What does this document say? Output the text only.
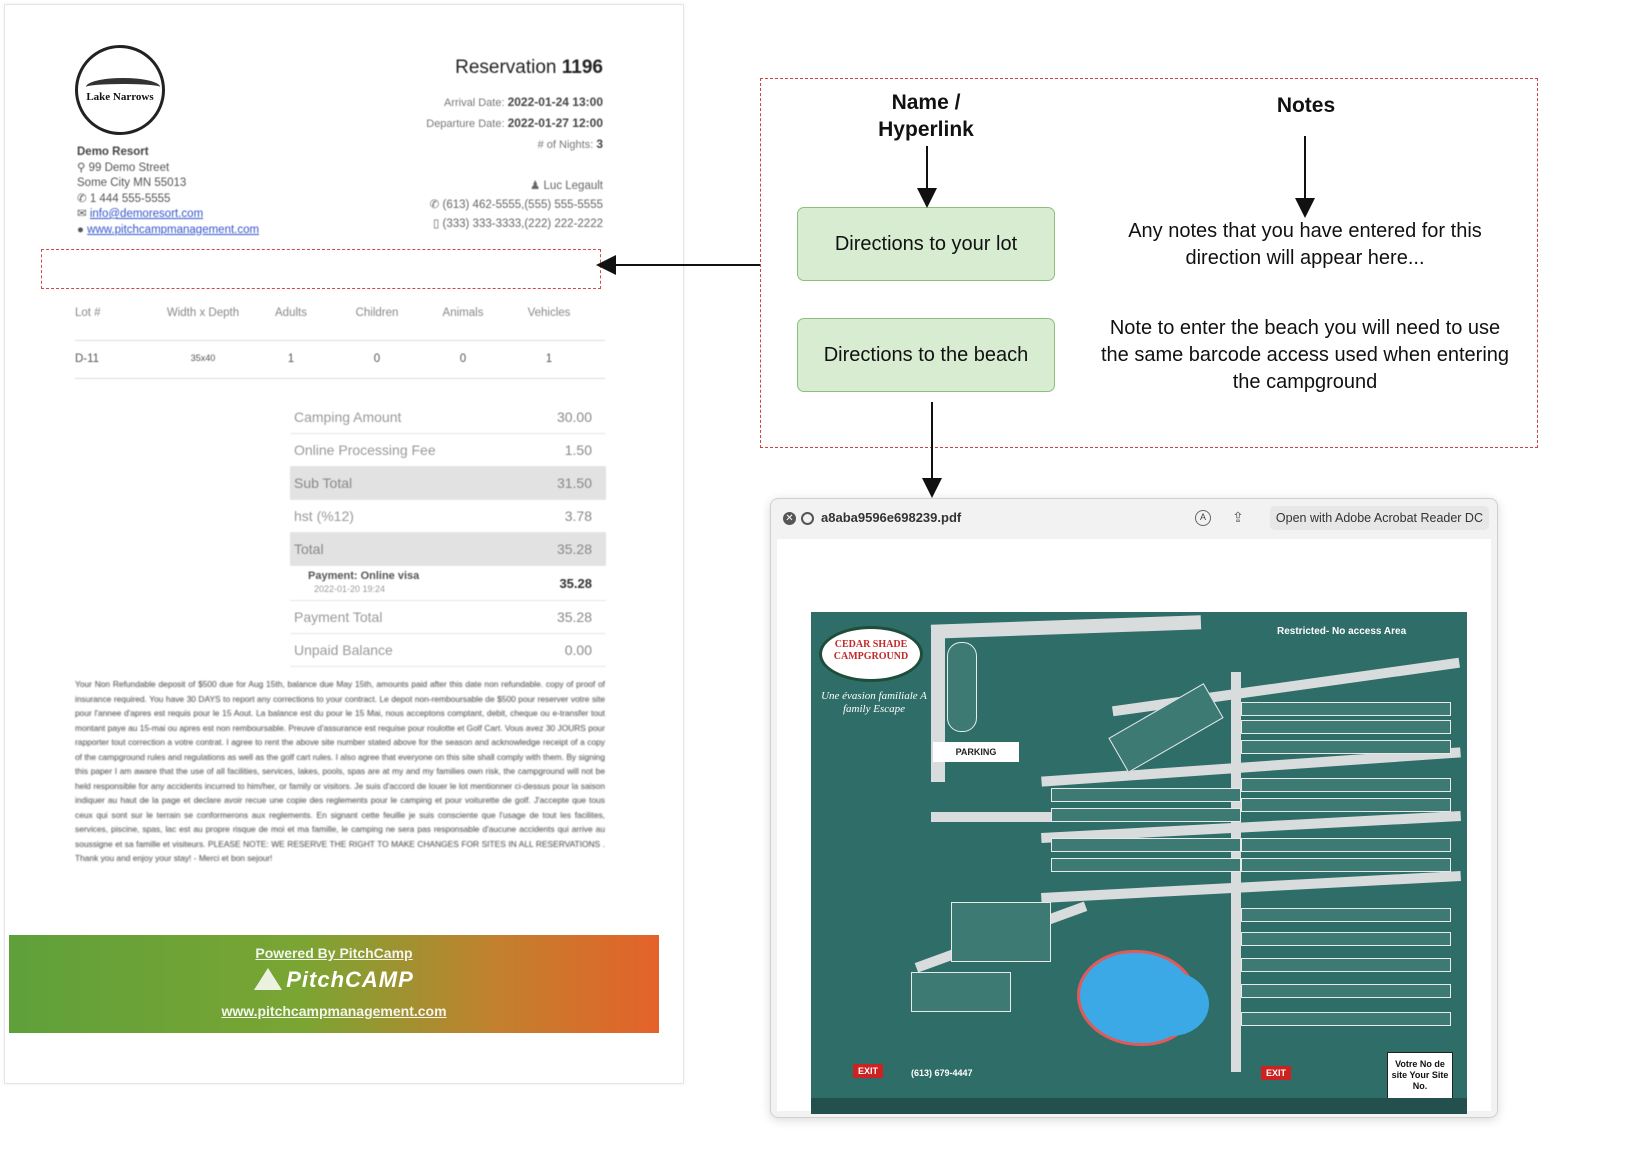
Lake Narrows
Reservation 1196
Arrival Date: 2022-01-24 13:00
Departure Date: 2022-01-27 12:00
# of Nights: 3
Demo Resort
⚲ 99 Demo Street
Some City MN 55013
✆ 1 444 555-5555
✉ info@demoresort.com
● www.pitchcampmanagement.com
♟ Luc Legault
✆ (613) 462-5555,(555) 555-5555
▯ (333) 333-3333,(222) 222-2222
Lot #	Width x Depth	Adults	Children	Animals	Vehicles
D-11	35x40	1	0	0	1
Camping Amount	30.00
Online Processing Fee	1.50
Sub Total	31.50
hst (%12)	3.78
Total	35.28
Payment: Online visa
2022-01-20 19:24	35.28
Payment Total	35.28
Unpaid Balance	0.00
Your Non Refundable deposit of $500 due for Aug 15th, balance due May 15th, amounts paid after this date non refundable. copy of proof of insurance required. You have 30 DAYS to report any corrections to your contract. Le depot non-remboursable de $500 pour reserver votre site pour l'annee d'apres est requis pour le 15 Aout. La balance est du pour le 15 Mai, nous acceptons comptant, debit, cheque ou e-transfer tout montant paye au 15-mai ou apres est non remboursable. Preuve d'assurance est requise pour roulotte et Golf Cart. Vous avez 30 JOURS pour rapporter tout correction a votre contrat. I agree to rent the above site number stated above for the season and acknowledge receipt of a copy of the campground rules and regulations as well as the golf cart rules. I also agree that everyone on this site shall comply with them. By signing this paper I am aware that the use of all facilities, services, lakes, pools, spas are at my and my families own risk, the campground will not be held responsible for any accidents incurred to him/her, or family or visitors. Je suis d'accord de louer le lot mentionner ci-dessus pour la saison indiquer au haut de la page et declare avoir recue une copie des reglements pour le camping et pour voiturette de golf. J'accepte que tous ceux qui sont sur le terrain se conformerons aux reglements. En signant cette feuille je suis consciente que l'usage de tout les facilites, services, piscine, spas, lac est au propre risque de moi et ma famille, le camping ne sera pas responsable d'aucune accidents qui arrive au soussigne et sa famille et visiteurs. PLEASE NOTE: WE RESERVE THE RIGHT TO MAKE CHANGES FOR SITES IN ALL RESERVATIONS . Thank you and enjoy your stay! - Merci et bon sejour!
Powered By PitchCamp
PitchCAMP
www.pitchcampmanagement.com
Name /
Hyperlink
Notes
Directions to your lot
Any notes that you have entered for this direction will appear here...
Directions to the beach
Note to enter the beach you will need to use the same barcode access used when entering the campground
✕ a8aba9596e698239.pdf	A	⇪	Open with Adobe Acrobat Reader DC
PARKING
CEDAR SHADE CAMPGROUND
Une évasion familiale A family Escape
Restricted- No access Area
EXIT	EXIT
(613) 679-4447
Votre No de site Your Site No.
